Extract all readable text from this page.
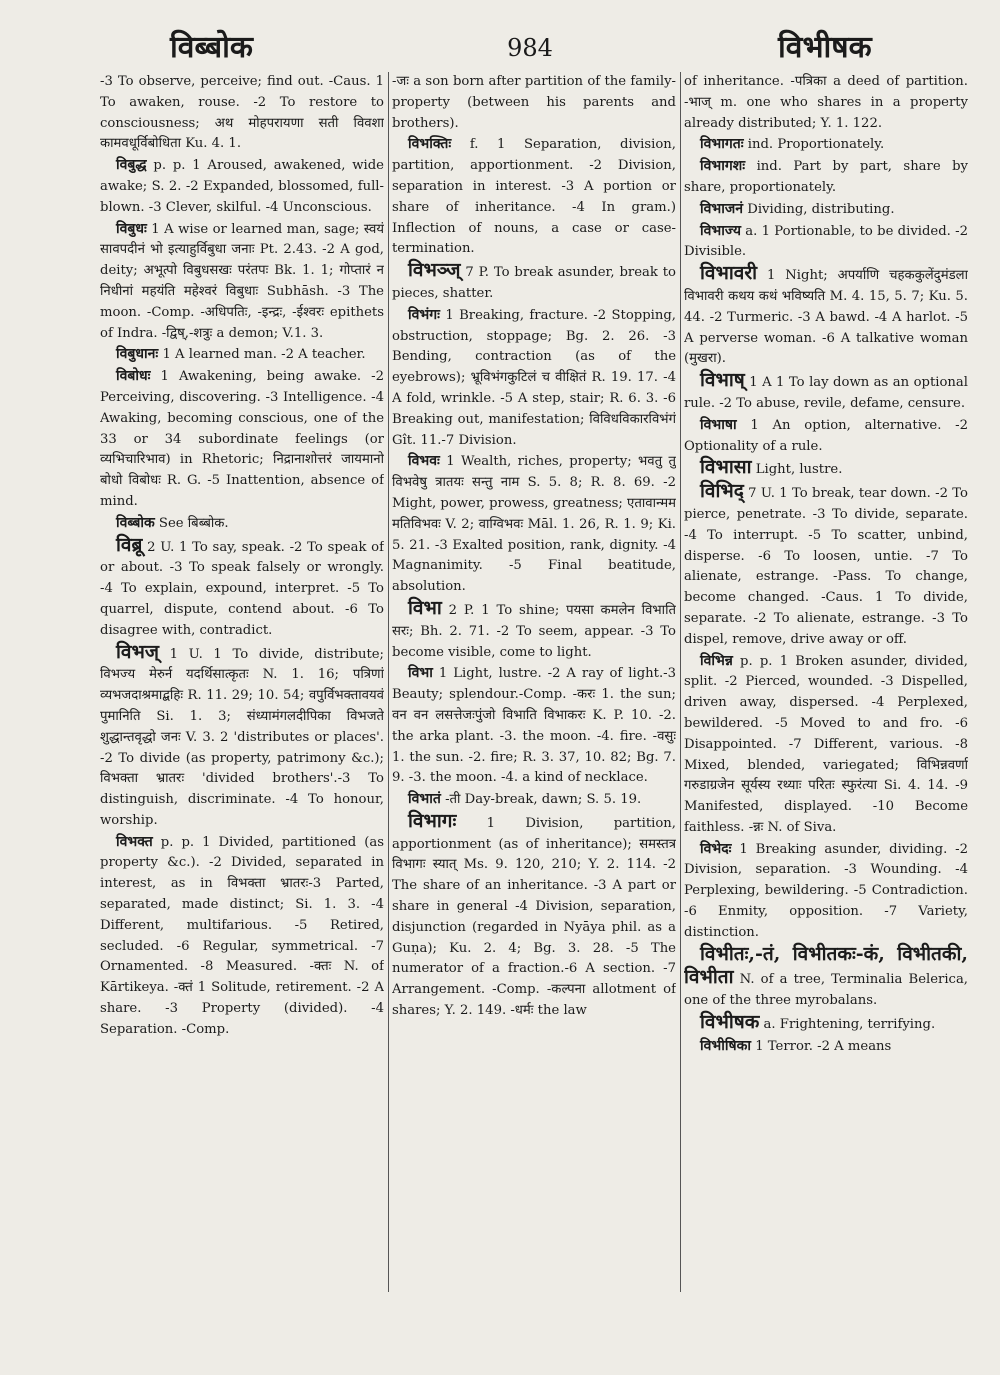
विब्बोक	984	विभीषक

-3 To observe, perceive; find out. -Caus. 1 To awaken, rouse. -2 To restore to consciousness; अथ मोहपरायणा सती विवशा कामवधूर्विबोधिता Ku. 4. 1.

विबुद्ध p. p. 1 Aroused, awakened, wide awake; S. 2. -2 Expanded, blossomed, full-blown. -3 Clever, skilful. -4 Unconscious.

विबुधः 1 A wise or learned man, sage; स्वयं सावपदीनं भो इत्याहुर्विबुधा जनाः Pt. 2.43. -2 A god, deity; अभूत्पो विबुधसखः परंतपः Bk. 1. 1; गोप्तारं न निधीनां महयंति महेश्वरं विबुधाः Subhāsh. -3 The moon. -Comp. -अधिपतिः, -इन्द्रः, -ईश्वरः epithets of Indra. -द्विष्,-शत्रुः a demon; V.1. 3.

विबुधानः 1 A learned man. -2 A teacher.

विबोधः 1 Awakening, being awake. -2 Perceiving, discovering. -3 Intelligence. -4 Awaking, becoming conscious, one of the 33 or 34 subordinate feelings (or व्यभिचारिभाव) in Rhetoric; निद्रानाशोत्तरं जायमानो बोधो विबोधः R. G. -5 Inattention, absence of mind.

विब्बोक See बिब्बोक.

विब्रू 2 U. 1 To say, speak. -2 To speak of or about. -3 To speak falsely or wrongly. -4 To explain, expound, interpret. -5 To quarrel, dispute, contend about. -6 To disagree with, contradict.

विभज् 1 U. 1 To divide, distribute; विभज्य मेरुर्न यदर्थिसात्कृतः N. 1. 16; पत्रिणां व्यभजदाश्रमाद्बहिः R. 11. 29; 10. 54; वपुर्विभक्तावयवं पुमानिति Si. 1. 3; संध्यामंगलदीपिका विभजते शुद्धान्तवृद्धो जनः V. 3. 2 'distributes or places'. -2 To divide (as property, patrimony &c.); विभक्ता भ्रातरः 'divided brothers'.-3 To distinguish, discriminate. -4 To honour, worship.

विभक्त p. p. 1 Divided, partitioned (as property &c.). -2 Divided, separated in interest, as in विभक्ता भ्रातरः-3 Parted, separated, made distinct; Si. 1. 3. -4 Different, multifarious. -5 Retired, secluded. -6 Regular, symmetrical. -7 Ornamented. -8 Measured. -क्तः N. of Kārtikeya. -क्तं 1 Solitude, retirement. -2 A share. -3 Property (divided). -4 Separation. -Comp.

-जः a son born after partition of the family-property (between his parents and brothers).

विभक्तिः f. 1 Separation, division, partition, apportionment. -2 Division, separation in interest. -3 A portion or share of inheritance. -4 In gram.) Inflection of nouns, a case or case-termination.

विभञ्ज् 7 P. To break asunder, break to pieces, shatter.

विभंगः 1 Breaking, fracture. -2 Stopping, obstruction, stoppage; Bg. 2. 26. -3 Bending, contraction (as of the eyebrows); भ्रूविभंगकुटिलं च वीक्षितं R. 19. 17. -4 A fold, wrinkle. -5 A step, stair; R. 6. 3. -6 Breaking out, manifestation; विविधविकारविभंगं Gît. 11.-7 Division.

विभवः 1 Wealth, riches, property; भवतु तु विभवेषु त्रातयः सन्तु नाम S. 5. 8; R. 8. 69. -2 Might, power, prowess, greatness; एतावान्मम मतिविभवः V. 2; वाग्विभवः Māl. 1. 26, R. 1. 9; Ki. 5. 21. -3 Exalted position, rank, dignity. -4 Magnanimity. -5 Final beatitude, absolution.

विभा 2 P. 1 To shine; पयसा कमलेन विभाति सरः; Bh. 2. 71. -2 To seem, appear. -3 To become visible, come to light.

विभा 1 Light, lustre. -2 A ray of light.-3 Beauty; splendour.-Comp. -करः 1. the sun; वन वन लसत्तेजःपुंजो विभाति विभाकरः K. P. 10. -2. the arka plant. -3. the moon. -4. fire. -वसुः 1. the sun. -2. fire; R. 3. 37, 10. 82; Bg. 7. 9. -3. the moon. -4. a kind of necklace.

विभातं -ती Day-break, dawn; S. 5. 19.

विभागः 1 Division, partition, apportionment (as of inheritance); समस्तत्र विभागः स्यात् Ms. 9. 120, 210; Y. 2. 114. -2 The share of an inheritance. -3 A part or share in general -4 Division, separation, disjunction (regarded in Nyāya phil. as a Guṇa); Ku. 2. 4; Bg. 3. 28. -5 The numerator of a fraction.-6 A section. -7 Arrangement. -Comp. -कल्पना allotment of shares; Y. 2. 149. -धर्मः the law

of inheritance. -पत्रिका a deed of partition. -भाज् m. one who shares in a property already distributed; Y. 1. 122.

विभागतः ind. Proportionately.

विभागशः ind. Part by part, share by share, proportionately.

विभाजनं Dividing, distributing.

विभाज्य a. 1 Portionable, to be divided. -2 Divisible.

विभावरी 1 Night; अपर्याणि चहककुलेंदुमंडला विभावरी कथय कथं भविष्यति M. 4. 15, 5. 7; Ku. 5. 44. -2 Turmeric. -3 A bawd. -4 A harlot. -5 A perverse woman. -6 A talkative woman (मुखरा).

विभाष् 1 A 1 To lay down as an optional rule. -2 To abuse, revile, defame, censure.

विभाषा 1 An option, alternative. -2 Optionality of a rule.

विभासा Light, lustre.

विभिद् 7 U. 1 To break, tear down. -2 To pierce, penetrate. -3 To divide, separate. -4 To interrupt. -5 To scatter, unbind, disperse. -6 To loosen, untie. -7 To alienate, estrange. -Pass. To change, become changed. -Caus. 1 To divide, separate. -2 To alienate, estrange. -3 To dispel, remove, drive away or off.

विभिन्न p. p. 1 Broken asunder, divided, split. -2 Pierced, wounded. -3 Dispelled, driven away, dispersed. -4 Perplexed, bewildered. -5 Moved to and fro. -6 Disappointed. -7 Different, various. -8 Mixed, blended, variegated; विभिन्नवर्णा गरुडाग्रजेन सूर्यस्य रथ्याः परितः स्फुरंत्या Si. 4. 14. -9 Manifested, displayed. -10 Become faithless. -न्नः N. of Siva.

विभेदः 1 Breaking asunder, dividing. -2 Division, separation. -3 Wounding. -4 Perplexing, bewildering. -5 Contradiction. -6 Enmity, opposition. -7 Variety, distinction.

विभीतः,-तं, विभीतकः-कं, विभीतकी, विभीता N. of a tree, Terminalia Belerica, one of the three myrobalans.

विभीषक a. Frightening, terrifying.

विभीषिका 1 Terror. -2 A means
